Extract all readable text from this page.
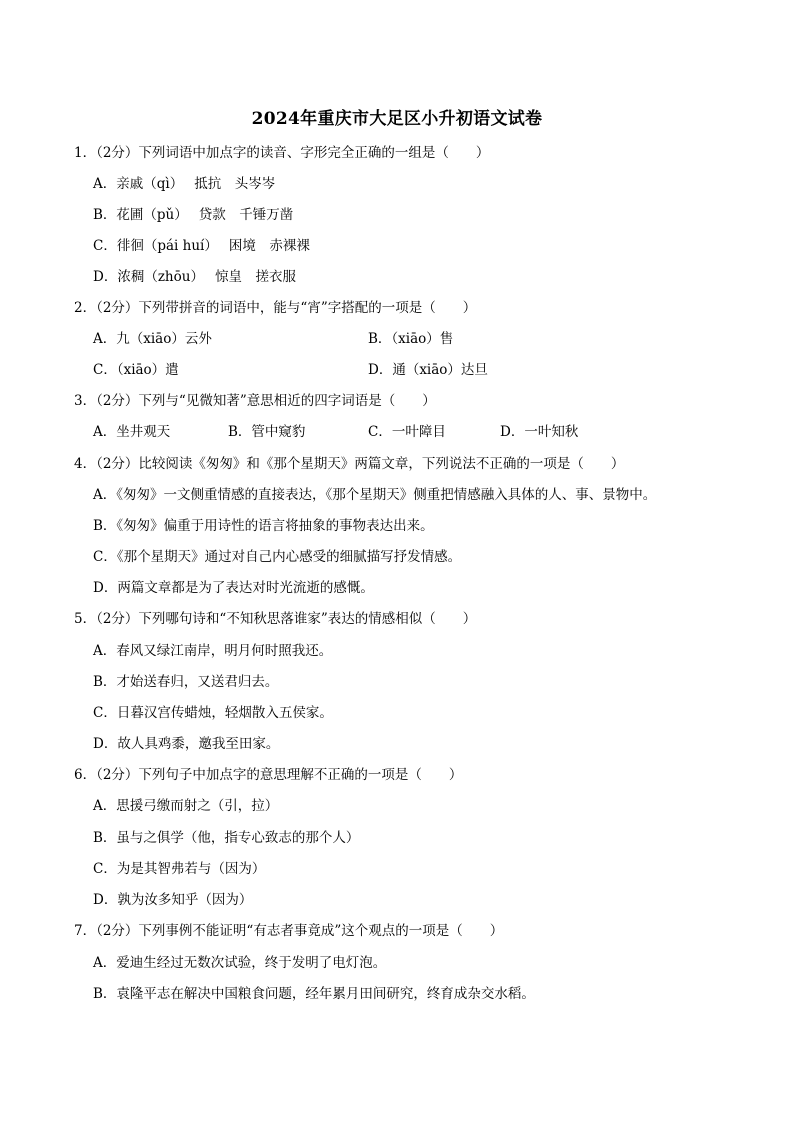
2024年重庆市大足区小升初语文试卷
1．（2分）下列词语中加点字的读音、字形完全正确的一组是（　　）
A．亲戚（qì）　 抵抗　头岑岑
B．花圃（pǔ）　 贷款　千锤万凿
C．徘徊（pái huí）　 困境　赤裸裸
D．浓稠（zhōu）　 惊皇　搓衣服
2．（2分）下列带拼音的词语中，能与“宵”字搭配的一项是（　　）
A．九（xiāo）云外	B．（xiāo）售
C．（xiāo）遣	D．通（xiāo）达旦
3．（2分）下列与“见微知著”意思相近的四字词语是（　　）
A．坐井观天	B．管中窥豹	C．一叶障目	D．一叶知秋
4．（2分）比较阅读《匆匆》和《那个星期天》两篇文章，下列说法不正确的一项是（　　）
A．《匆匆》一文侧重情感的直接表达，《那个星期天》侧重把情感融入具体的人、事、景物中。
B．《匆匆》偏重于用诗性的语言将抽象的事物表达出来。
C．《那个星期天》通过对自己内心感受的细腻描写抒发情感。
D．两篇文章都是为了表达对时光流逝的感慨。
5．（2分）下列哪句诗和“不知秋思落谁家”表达的情感相似（　　）
A．春风又绿江南岸，明月何时照我还。
B．才始送春归，又送君归去。
C．日暮汉宫传蜡烛，轻烟散入五侯家。
D．故人具鸡黍，邀我至田家。
6．（2分）下列句子中加点字的意思理解不正确的一项是（　　）
A．思援弓缴而射之（引，拉）
B．虽与之俱学（他，指专心致志的那个人）
C．为是其智弗若与（因为）
D．孰为汝多知乎（因为）
7．（2分）下列事例不能证明“有志者事竟成”这个观点的一项是（　　）
A．爱迪生经过无数次试验，终于发明了电灯泡。
B．袁隆平志在解决中国粮食问题，经年累月田间研究，终育成杂交水稻。
